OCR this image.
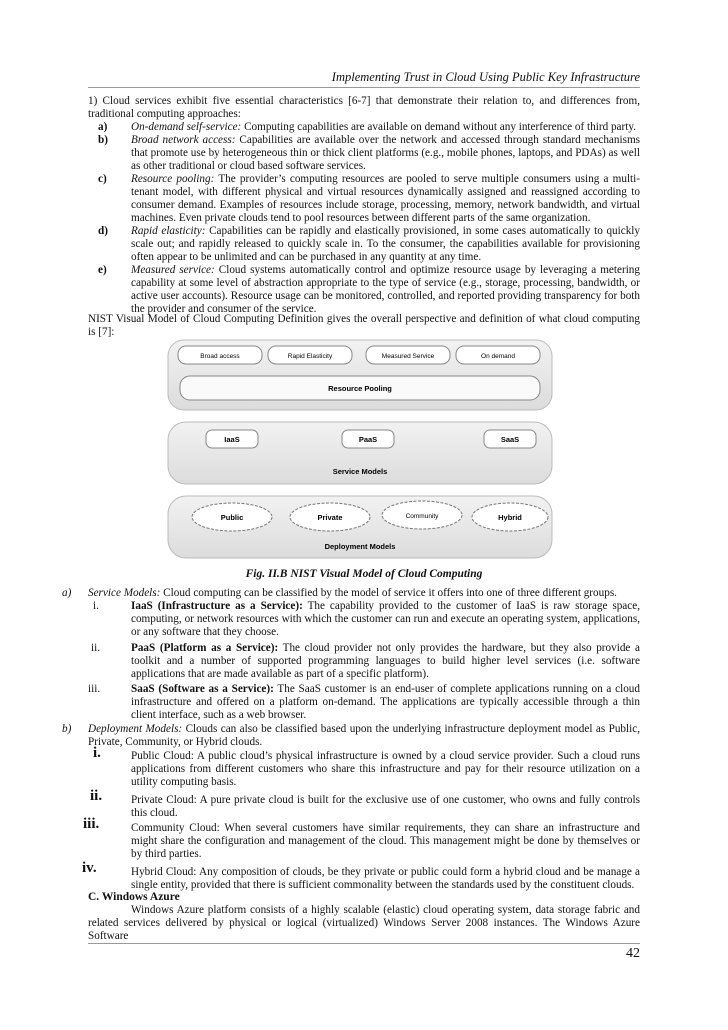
Implementing Trust in Cloud Using Public Key Infrastructure

1) Cloud services exhibit five essential characteristics [6-7] that demonstrate their relation to, and differences from, traditional computing approaches:

a) On-demand self-service: Computing capabilities are available on demand without any interference of third party.

b) Broad network access: Capabilities are available over the network and accessed through standard mechanisms that promote use by heterogeneous thin or thick client platforms (e.g., mobile phones, laptops, and PDAs) as well as other traditional or cloud based software services.

c) Resource pooling: The provider’s computing resources are pooled to serve multiple consumers using a multi-tenant model, with different physical and virtual resources dynamically assigned and reassigned according to consumer demand. Examples of resources include storage, processing, memory, network bandwidth, and virtual machines. Even private clouds tend to pool resources between different parts of the same organization.

d) Rapid elasticity: Capabilities can be rapidly and elastically provisioned, in some cases automatically to quickly scale out; and rapidly released to quickly scale in. To the consumer, the capabilities available for provisioning often appear to be unlimited and can be purchased in any quantity at any time.

e) Measured service: Cloud systems automatically control and optimize resource usage by leveraging a metering capability at some level of abstraction appropriate to the type of service (e.g., storage, processing, bandwidth, or active user accounts). Resource usage can be monitored, controlled, and reported providing transparency for both the provider and consumer of the service.

NIST Visual Model of Cloud Computing Definition gives the overall perspective and definition of what cloud computing is [7]:

Broad access	Rapid Elasticity	Measured Service	On demand
Resource Pooling
IaaS	PaaS	SaaS
Service Models
Public	Private	Community	Hybrid
Deployment Models
Fig. II.B NIST Visual Model of Cloud Computing
a) Service Models: Cloud computing can be classified by the model of service it offers into one of three different groups.

i.	IaaS (Infrastructure as a Service): The capability provided to the customer of IaaS is raw storage space, computing, or network resources with which the customer can run and execute an operating system, applications, or any software that they choose.

ii.	PaaS (Platform as a Service): The cloud provider not only provides the hardware, but they also provide a toolkit and a number of supported programming languages to build higher level services (i.e. software applications that are made available as part of a specific platform).

iii.	SaaS (Software as a Service): The SaaS customer is an end-user of complete applications running on a cloud infrastructure and offered on a platform on-demand. The applications are typically accessible through a thin client interface, such as a web browser.

b) Deployment Models: Clouds can also be classified based upon the underlying infrastructure deployment model as Public, Private, Community, or Hybrid clouds.

i.	Public Cloud: A public cloud’s physical infrastructure is owned by a cloud service provider. Such a cloud runs applications from different customers who share this infrastructure and pay for their resource utilization on a utility computing basis.

ii.	Private Cloud: A pure private cloud is built for the exclusive use of one customer, who owns and fully controls this cloud.

iii.	Community Cloud: When several customers have similar requirements, they can share an infrastructure and might share the configuration and management of the cloud. This management might be done by themselves or by third parties.

iv.	Hybrid Cloud: Any composition of clouds, be they private or public could form a hybrid cloud and be manage a single entity, provided that there is sufficient commonality between the standards used by the constituent clouds.

C. Windows Azure

Windows Azure platform consists of a highly scalable (elastic) cloud operating system, data storage fabric and related services delivered by physical or logical (virtualized) Windows Server 2008 instances. The Windows Azure Software

42
